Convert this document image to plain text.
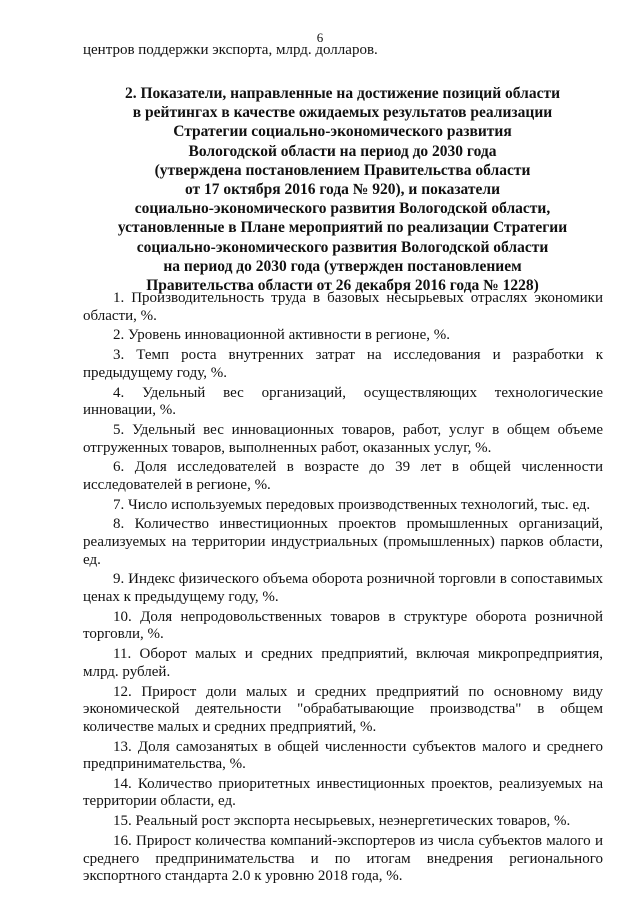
6
центров поддержки экспорта, млрд. долларов.
2. Показатели, направленные на достижение позиций области
в рейтингах в качестве ожидаемых результатов реализации
Стратегии социально-экономического развития
Вологодской области на период до 2030 года
(утверждена постановлением Правительства области
от 17 октября 2016 года № 920), и показатели
социально-экономического развития Вологодской области,
установленные в Плане мероприятий по реализации Стратегии
социально-экономического развития Вологодской области
на период до 2030 года (утвержден постановлением
Правительства области от 26 декабря 2016 года № 1228)
1. Производительность труда в базовых несырьевых отраслях экономики области, %.
2. Уровень инновационной активности в регионе, %.
3. Темп роста внутренних затрат на исследования и разработки к предыдущему году, %.
4. Удельный вес организаций, осуществляющих технологические инновации, %.
5. Удельный вес инновационных товаров, работ, услуг в общем объеме отгруженных товаров, выполненных работ, оказанных услуг, %.
6. Доля исследователей в возрасте до 39 лет в общей численности исследователей в регионе, %.
7. Число используемых передовых производственных технологий, тыс. ед.
8. Количество инвестиционных проектов промышленных организаций, реализуемых на территории индустриальных (промышленных) парков области, ед.
9. Индекс физического объема оборота розничной торговли в сопоставимых ценах к предыдущему году, %.
10. Доля непродовольственных товаров в структуре оборота розничной торговли, %.
11. Оборот малых и средних предприятий, включая микропредприятия, млрд. рублей.
12. Прирост доли малых и средних предприятий по основному виду экономической деятельности "обрабатывающие производства" в общем количестве малых и средних предприятий, %.
13. Доля самозанятых в общей численности субъектов малого и среднего предпринимательства, %.
14. Количество приоритетных инвестиционных проектов, реализуемых на территории области, ед.
15. Реальный рост экспорта несырьевых, неэнергетических товаров, %.
16. Прирост количества компаний-экспортеров из числа субъектов малого и среднего предпринимательства и по итогам внедрения регионального экспортного стандарта 2.0 к уровню 2018 года, %.
